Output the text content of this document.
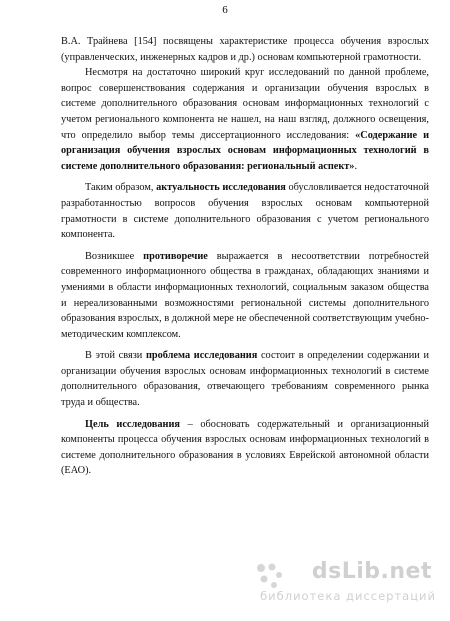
6

В.А. Трайнева [154] посвящены характеристике процесса обучения взрослых (управленческих, инженерных кадров и др.) основам компьютерной грамотности.

Несмотря на достаточно широкий круг исследований по данной проблеме, вопрос совершенствования содержания и организации обучения взрослых в системе дополнительного образования основам информационных технологий с учетом регионального компонента не нашел, на наш взгляд, должного освещения, что определило выбор темы диссертационного исследования: «Содержание и организация обучения взрослых основам информационных технологий в системе дополнительного образования: региональный аспект».

Таким образом, актуальность исследования обусловливается недостаточной разработанностью вопросов обучения взрослых основам компьютерной грамотности в системе дополнительного образования с учетом регионального компонента.

Возникшее противоречие выражается в несоответствии потребностей современного информационного общества в гражданах, обладающих знаниями и умениями в области информационных технологий, социальным заказом общества и нереализованными возможностями региональной системы дополнительного образования взрослых, в должной мере не обеспеченной соответствующим учебно-методическим комплексом.

В этой связи проблема исследования состоит в определении содержании и организации обучения взрослых основам информационных технологий в системе дополнительного образования, отвечающего требованиям современного рынка труда и общества.

Цель исследования – обосновать содержательный и организационный компоненты процесса обучения взрослых основам информационных технологий в системе дополнительного образования в условиях Еврейской автономной области (ЕАО).

dsLib.net
библиотека диссертаций
